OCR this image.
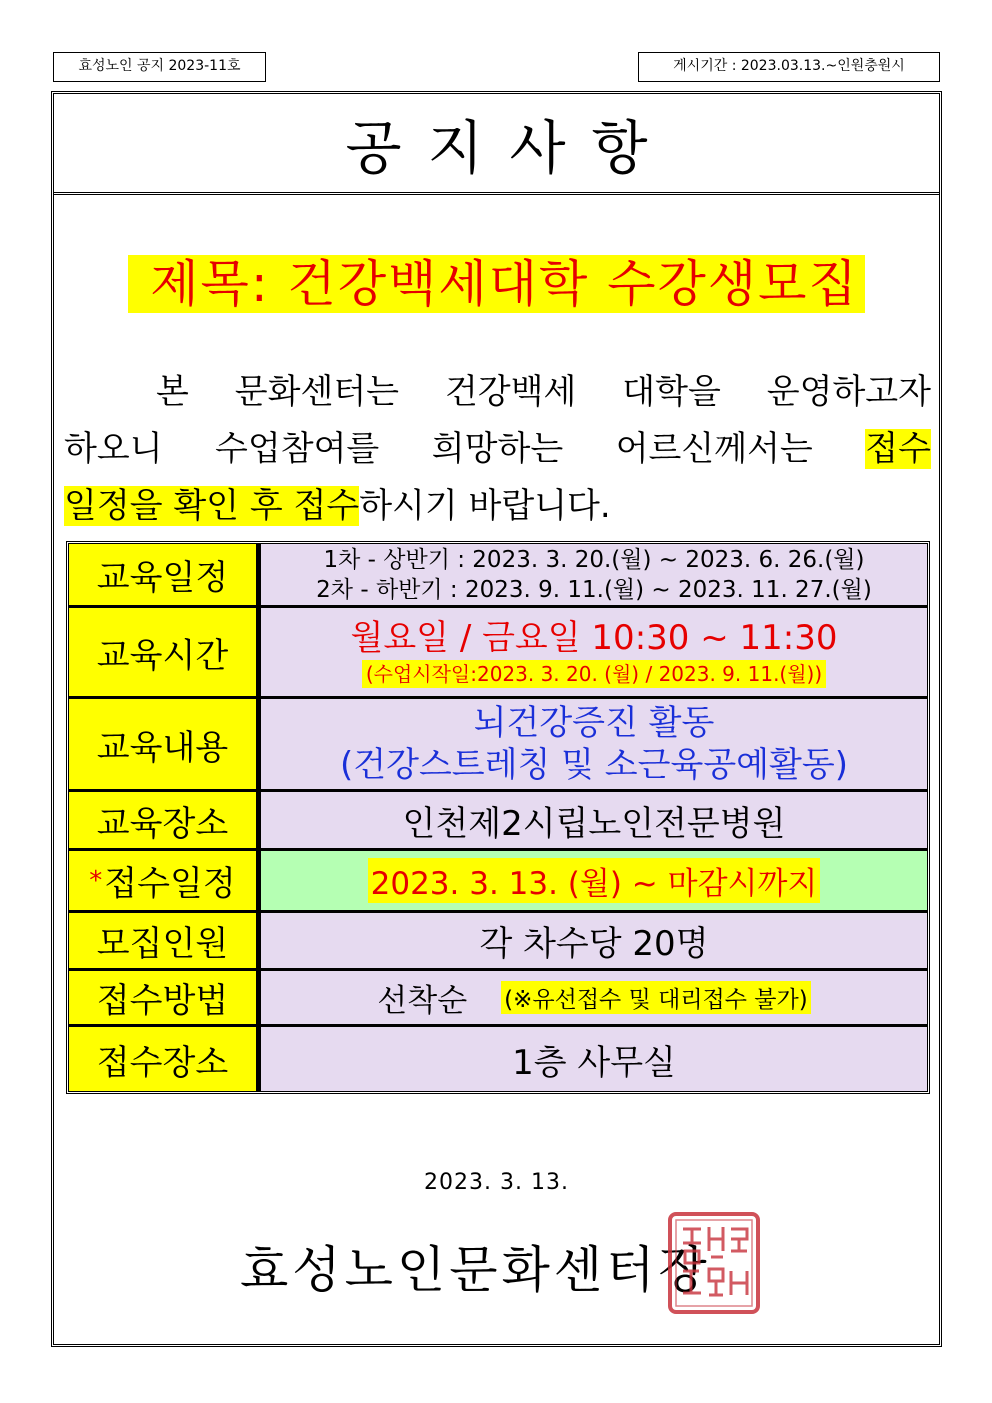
효성노인 공지 2023-11호	게시기간 : 2023.03.13.~인원충원시
공지사항
제목: 건강백세대학 수강생모집
본 문화센터는 건강백세 대학을 운영하고자
하오니 수업참여를 희망하는 어르신께서는 접수
일정을 확인 후 접수하시기 바랍니다.
교육일정	1차 - 상반기 : 2023. 3. 20.(월) ~ 2023. 6. 26.(월)
2차 - 하반기 : 2023. 9. 11.(월) ~ 2023. 11. 27.(월)
교육시간	월요일 / 금요일 10:30 ~ 11:30
(수업시작일:2023. 3. 20. (월) / 2023. 9. 11.(월))
교육내용
뇌건강증진 활동
(건강스트레칭 및 소근육공예활동)
교육장소	인천제2시립노인전문병원
* 접수일정	2023. 3. 13. (월) ~ 마감시까지
모집인원	각 차수당 20명
접수방법	선착순 (※유선접수 및 대리접수 불가)
접수장소	1층 사무실
2023. 3. 13.
효성노인문화센터장
